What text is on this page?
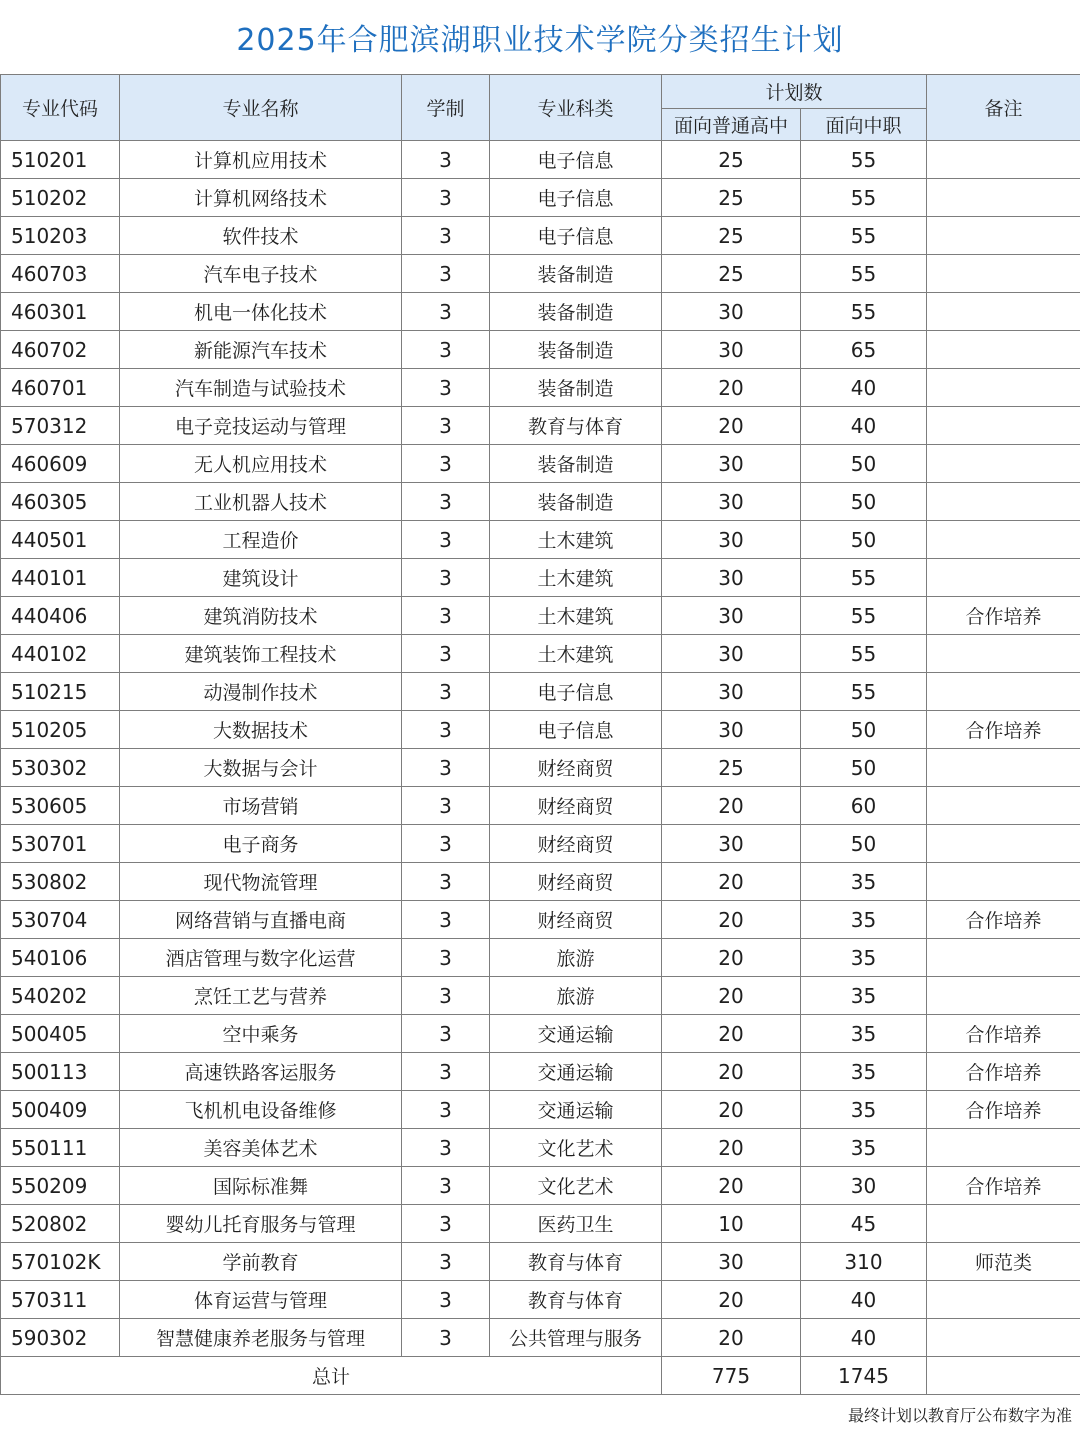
2025年合肥滨湖职业技术学院分类招生计划
专业代码	专业名称	学制	专业科类	计划数		备注
				面向普通高中	面向中职	
510201	计算机应用技术	3	电子信息	25	55	
510202	计算机网络技术	3	电子信息	25	55	
510203	软件技术	3	电子信息	25	55	
460703	汽车电子技术	3	装备制造	25	55	
460301	机电一体化技术	3	装备制造	30	55	
460702	新能源汽车技术	3	装备制造	30	65	
460701	汽车制造与试验技术	3	装备制造	20	40	
570312	电子竞技运动与管理	3	教育与体育	20	40	
460609	无人机应用技术	3	装备制造	30	50	
460305	工业机器人技术	3	装备制造	30	50	
440501	工程造价	3	土木建筑	30	50	
440101	建筑设计	3	土木建筑	30	55	
440406	建筑消防技术	3	土木建筑	30	55	合作培养
440102	建筑装饰工程技术	3	土木建筑	30	55	
510215	动漫制作技术	3	电子信息	30	55	
510205	大数据技术	3	电子信息	30	50	合作培养
530302	大数据与会计	3	财经商贸	25	50	
530605	市场营销	3	财经商贸	20	60	
530701	电子商务	3	财经商贸	30	50	
530802	现代物流管理	3	财经商贸	20	35	
530704	网络营销与直播电商	3	财经商贸	20	35	合作培养
540106	酒店管理与数字化运营	3	旅游	20	35	
540202	烹饪工艺与营养	3	旅游	20	35	
500405	空中乘务	3	交通运输	20	35	合作培养
500113	高速铁路客运服务	3	交通运输	20	35	合作培养
500409	飞机机电设备维修	3	交通运输	20	35	合作培养
550111	美容美体艺术	3	文化艺术	20	35	
550209	国际标准舞	3	文化艺术	20	30	合作培养
520802	婴幼儿托育服务与管理	3	医药卫生	10	45	
570102K	学前教育	3	教育与体育	30	310	师范类
570311	体育运营与管理	3	教育与体育	20	40	
590302	智慧健康养老服务与管理	3	公共管理与服务	20	40	
总计				775	1745	
最终计划以教育厅公布数字为准
